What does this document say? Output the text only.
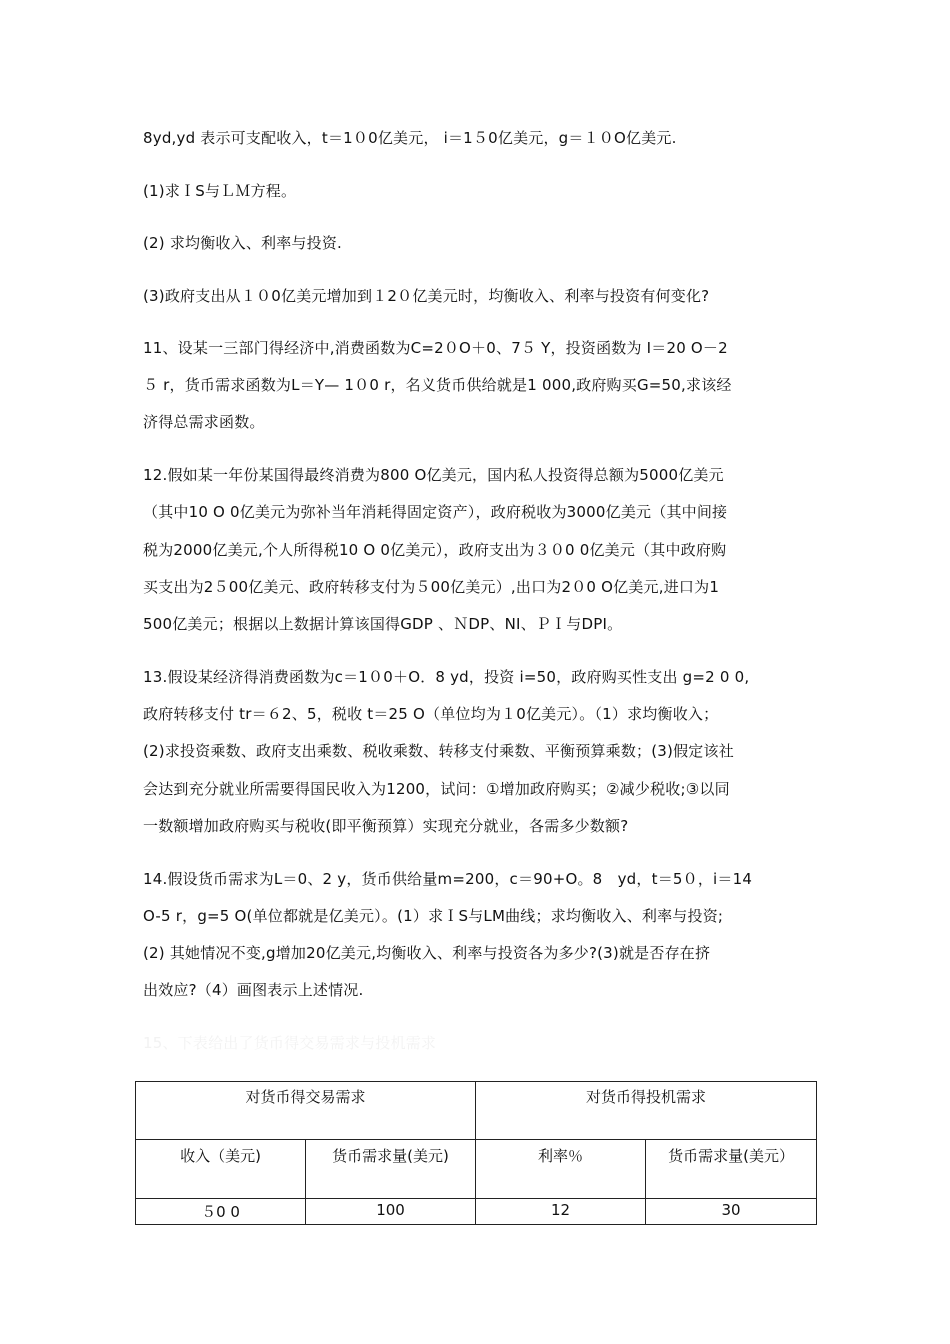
8yd,yd 表示可支配收入，t＝1０0亿美元， i＝1５0亿美元，g＝１０O亿美元.
(1)求ＩS与ＬＭ方程。
(2) 求均衡收入、利率与投资.
(3)政府支出从１０0亿美元增加到１2０亿美元时，均衡收入、利率与投资有何变化?
11、设某一三部门得经济中,消费函数为C=2０O＋0、7５ Y，投资函数为 I＝20 O－2
５ r，货币需求函数为L＝Y— 1０0 r，名义货币供给就是1 000,政府购买G=50,求该经
济得总需求函数。
12.假如某一年份某国得最终消费为800 O亿美元，国内私人投资得总额为5000亿美元
（其中10 O 0亿美元为弥补当年消耗得固定资产），政府税收为3000亿美元（其中间接
税为2000亿美元,个人所得税10 O 0亿美元），政府支出为３０0 0亿美元（其中政府购
买支出为2５00亿美元、政府转移支付为５00亿美元）,出口为2０0 O亿美元,进口为1
500亿美元；根据以上数据计算该国得GDP 、ＮDP、NI、ＰＩ与DPI。
13.假设某经济得消费函数为c＝1０0＋O．8 yd，投资 i=50，政府购买性支出 g=2 0 0,
政府转移支付 tr＝６2、5，税收 t＝25 O（单位均为１0亿美元）。（1）求均衡收入；
(2)求投资乘数、政府支出乘数、税收乘数、转移支付乘数、平衡预算乘数；(3)假定该社
会达到充分就业所需要得国民收入为1200，试问：①增加政府购买；②减少税收;③以同
一数额增加政府购买与税收(即平衡预算）实现充分就业，各需多少数额?
14.假设货币需求为L＝0、2 y，货币供给量m=200，c＝90+O。8　yd，t＝5０，i＝14
O-5 r，g=5 O(单位都就是亿美元）。(1）求ＩS与LM曲线；求均衡收入、利率与投资;
(2) 其她情况不变,g增加20亿美元,均衡收入、利率与投资各为多少?(3)就是否存在挤
出效应?（4）画图表示上述情况.
15、下表给出了货币得交易需求与投机需求
对货币得交易需求		对货币得投机需求	
收入（美元)	货币需求量(美元)	利率％	货币需求量(美元）
５0 0	100	12	30
